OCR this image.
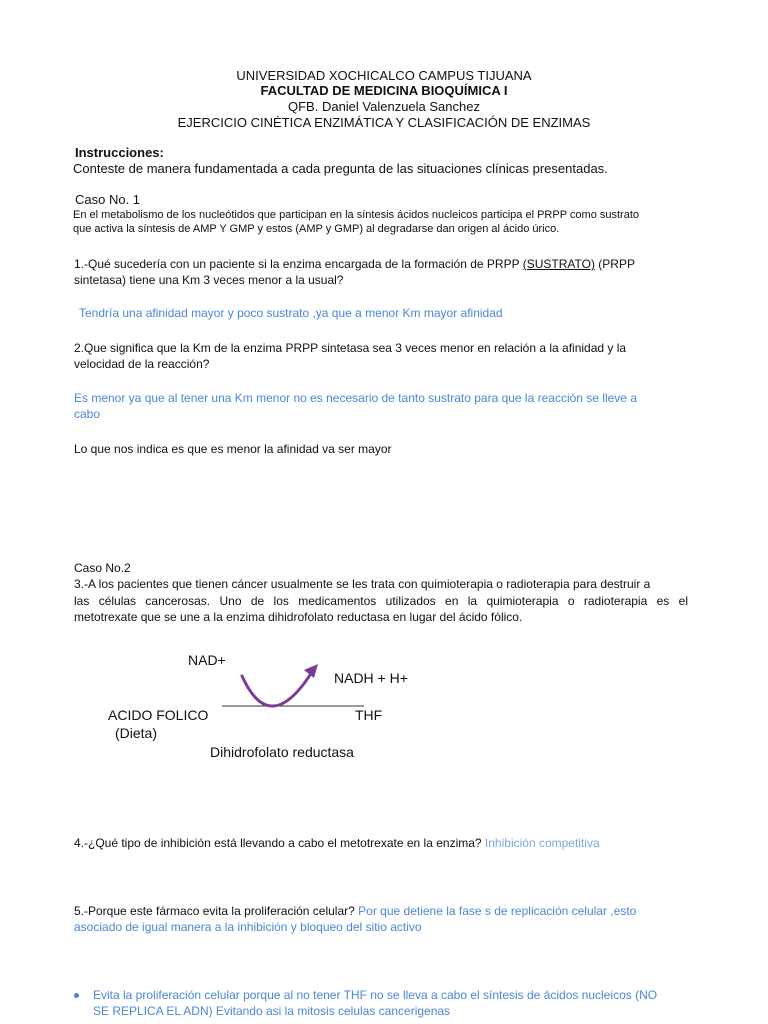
UNIVERSIDAD XOCHICALCO CAMPUS TIJUANA
FACULTAD DE MEDICINA BIOQUÍMICA I
QFB. Daniel Valenzuela Sanchez
EJERCICIO CINÉTICA ENZIMÁTICA Y CLASIFICACIÓN DE ENZIMAS
Instrucciones:
Conteste de manera fundamentada a cada pregunta de las situaciones clínicas presentadas.
Caso No. 1
En el metabolismo de los nucleótidos que participan en la síntesis ácidos nucleicos participa el PRPP como sustrato
que activa la síntesis de AMP Y GMP y estos (AMP y GMP) al degradarse dan origen al ácido úrico.
1.-Qué sucedería con un paciente si la enzima encargada de la formación de PRPP (SUSTRATO) (PRPP
sintetasa) tiene una Km 3 veces menor a la usual?
Tendría una afinidad mayor y poco sustrato ,ya que a menor Km mayor afinidad
2.Que significa que la Km de la enzima PRPP sintetasa sea 3 veces menor en relación a la afinidad y la
velocidad de la reacción?
Es menor ya que al tener una Km menor no es necesario de tanto sustrato para que la reacción se lleve a
cabo
Lo que nos indica es que es menor la afinidad va ser mayor
Caso No.2
3.-A los pacientes que tienen cáncer usualmente se les trata con quimioterapia o radioterapia para destruir a
las células cancerosas. Uno de los medicamentos utilizados en la quimioterapia o radioterapia es el
metotrexate que se une a la enzima dihidrofolato reductasa en lugar del ácido fólico.
NAD+
NADH + H+
ACIDO FOLICO
(Dieta)
THF
Dihidrofolato reductasa
4.-¿Qué tipo de inhibición está llevando a cabo el metotrexate en la enzima? Inhibición competitiva
5.-Porque este fármaco evita la proliferación celular? Por que detiene la fase s de replicación celular ,esto
asociado de igual manera a la inhibición y bloqueo del sitio activo
Evita la proliferación celular porque al no tener THF no se lleva a cabo el síntesis de ácidos nucleicos (NO
SE REPLICA EL ADN) Evitando asi la mitosis celulas cancerigenas
